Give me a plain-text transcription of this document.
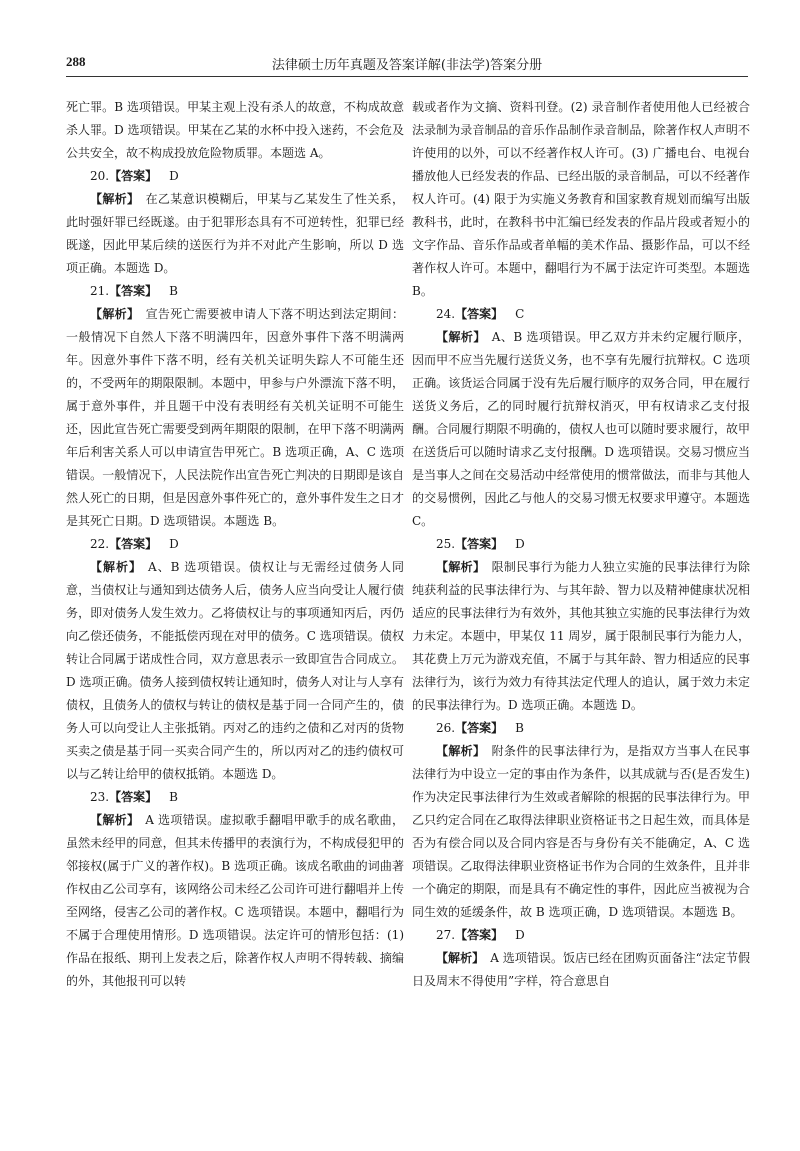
288	法律硕士历年真题及答案详解(非法学)答案分册

死亡罪。B 选项错误。甲某主观上没有杀人的故意，不构成故意杀人罪。D 选项错误。甲某在乙某的水杯中投入迷药，不会危及公共安全，故不构成投放危险物质罪。本题选 A。

20.【答案】  D

【解析】  在乙某意识模糊后，甲某与乙某发生了性关系，此时强奸罪已经既遂。由于犯罪形态具有不可逆转性，犯罪已经既遂，因此甲某后续的送医行为并不对此产生影响，所以 D 选项正确。本题选 D。

21.【答案】  B

【解析】  宣告死亡需要被申请人下落不明达到法定期间：一般情况下自然人下落不明满四年，因意外事件下落不明满两年。因意外事件下落不明，经有关机关证明失踪人不可能生还的，不受两年的期限限制。本题中，甲参与户外漂流下落不明，属于意外事件，并且题干中没有表明经有关机关证明不可能生还，因此宣告死亡需要受到两年期限的限制，在甲下落不明满两年后利害关系人可以申请宣告甲死亡。B 选项正确，A、C 选项错误。一般情况下，人民法院作出宣告死亡判决的日期即是该自然人死亡的日期，但是因意外事件死亡的，意外事件发生之日才是其死亡日期。D 选项错误。本题选 B。

22.【答案】  D

【解析】  A、B 选项错误。债权让与无需经过债务人同意，当债权让与通知到达债务人后，债务人应当向受让人履行债务，即对债务人发生效力。乙将债权让与的事项通知丙后，丙仍向乙偿还债务，不能抵偿丙现在对甲的债务。C 选项错误。债权转让合同属于诺成性合同，双方意思表示一致即宣告合同成立。D 选项正确。债务人接到债权转让通知时，债务人对让与人享有债权，且债务人的债权与转让的债权是基于同一合同产生的，债务人可以向受让人主张抵销。丙对乙的违约之债和乙对丙的货物买卖之债是基于同一买卖合同产生的，所以丙对乙的违约债权可以与乙转让给甲的债权抵销。本题选 D。

23.【答案】  B

【解析】  A 选项错误。虚拟歌手翻唱甲歌手的成名歌曲，虽然未经甲的同意，但其未传播甲的表演行为，不构成侵犯甲的邻接权(属于广义的著作权)。B 选项正确。该成名歌曲的词曲著作权由乙公司享有，该网络公司未经乙公司许可进行翻唱并上传至网络，侵害乙公司的著作权。C 选项错误。本题中，翻唱行为不属于合理使用情形。D 选项错误。法定许可的情形包括：(1) 作品在报纸、期刊上发表之后，除著作权人声明不得转载、摘编的外，其他报刊可以转

载或者作为文摘、资料刊登。(2) 录音制作者使用他人已经被合法录制为录音制品的音乐作品制作录音制品，除著作权人声明不许使用的以外，可以不经著作权人许可。(3) 广播电台、电视台播放他人已经发表的作品、已经出版的录音制品，可以不经著作权人许可。(4) 限于为实施义务教育和国家教育规划而编写出版教科书，此时，在教科书中汇编已经发表的作品片段或者短小的文字作品、音乐作品或者单幅的美术作品、摄影作品，可以不经著作权人许可。本题中，翻唱行为不属于法定许可类型。本题选 B。

24.【答案】  C

【解析】  A、B 选项错误。甲乙双方并未约定履行顺序，因而甲不应当先履行送货义务，也不享有先履行抗辩权。C 选项正确。该货运合同属于没有先后履行顺序的双务合同，甲在履行送货义务后，乙的同时履行抗辩权消灭，甲有权请求乙支付报酬。合同履行期限不明确的，债权人也可以随时要求履行，故甲在送货后可以随时请求乙支付报酬。D 选项错误。交易习惯应当是当事人之间在交易活动中经常使用的惯常做法，而非与其他人的交易惯例，因此乙与他人的交易习惯无权要求甲遵守。本题选 C。

25.【答案】  D

【解析】  限制民事行为能力人独立实施的民事法律行为除纯获利益的民事法律行为、与其年龄、智力以及精神健康状况相适应的民事法律行为有效外，其他其独立实施的民事法律行为效力未定。本题中，甲某仅 11 周岁，属于限制民事行为能力人，其花费上万元为游戏充值，不属于与其年龄、智力相适应的民事法律行为，该行为效力有待其法定代理人的追认，属于效力未定的民事法律行为。D 选项正确。本题选 D。

26.【答案】  B

【解析】  附条件的民事法律行为，是指双方当事人在民事法律行为中设立一定的事由作为条件，以其成就与否(是否发生)作为决定民事法律行为生效或者解除的根据的民事法律行为。甲乙只约定合同在乙取得法律职业资格证书之日起生效，而具体是否为有偿合同以及合同内容是否与身份有关不能确定，A、C 选项错误。乙取得法律职业资格证书作为合同的生效条件，且并非一个确定的期限，而是具有不确定性的事件，因此应当被视为合同生效的延缓条件，故 B 选项正确，D 选项错误。本题选 B。

27.【答案】  D

【解析】  A 选项错误。饭店已经在团购页面备注“法定节假日及周末不得使用”字样，符合意思自
